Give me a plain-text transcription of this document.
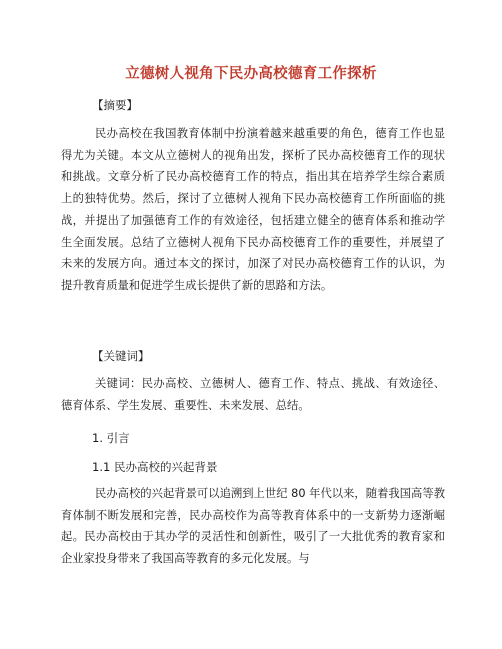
立德树人视角下民办高校德育工作探析
【摘要】
民办高校在我国教育体制中扮演着越来越重要的角色，德育工作也显得尤为关键。本文从立德树人的视角出发，探析了民办高校德育工作的现状和挑战。文章分析了民办高校德育工作的特点，指出其在培养学生综合素质上的独特优势。然后，探讨了立德树人视角下民办高校德育工作所面临的挑战，并提出了加强德育工作的有效途径，包括建立健全的德育体系和推动学生全面发展。总结了立德树人视角下民办高校德育工作的重要性，并展望了未来的发展方向。通过本文的探讨，加深了对民办高校德育工作的认识，为提升教育质量和促进学生成长提供了新的思路和方法。
【关键词】
关键词：民办高校、立德树人、德育工作、特点、挑战、有效途径、德育体系、学生发展、重要性、未来发展、总结。
1. 引言
1.1 民办高校的兴起背景
民办高校的兴起背景可以追溯到上世纪 80 年代以来，随着我国高等教育体制不断发展和完善，民办高校作为高等教育体系中的一支新势力逐渐崛起。民办高校由于其办学的灵活性和创新性，吸引了一大批优秀的教育家和企业家投身带来了我国高等教育的多元化发展。与
